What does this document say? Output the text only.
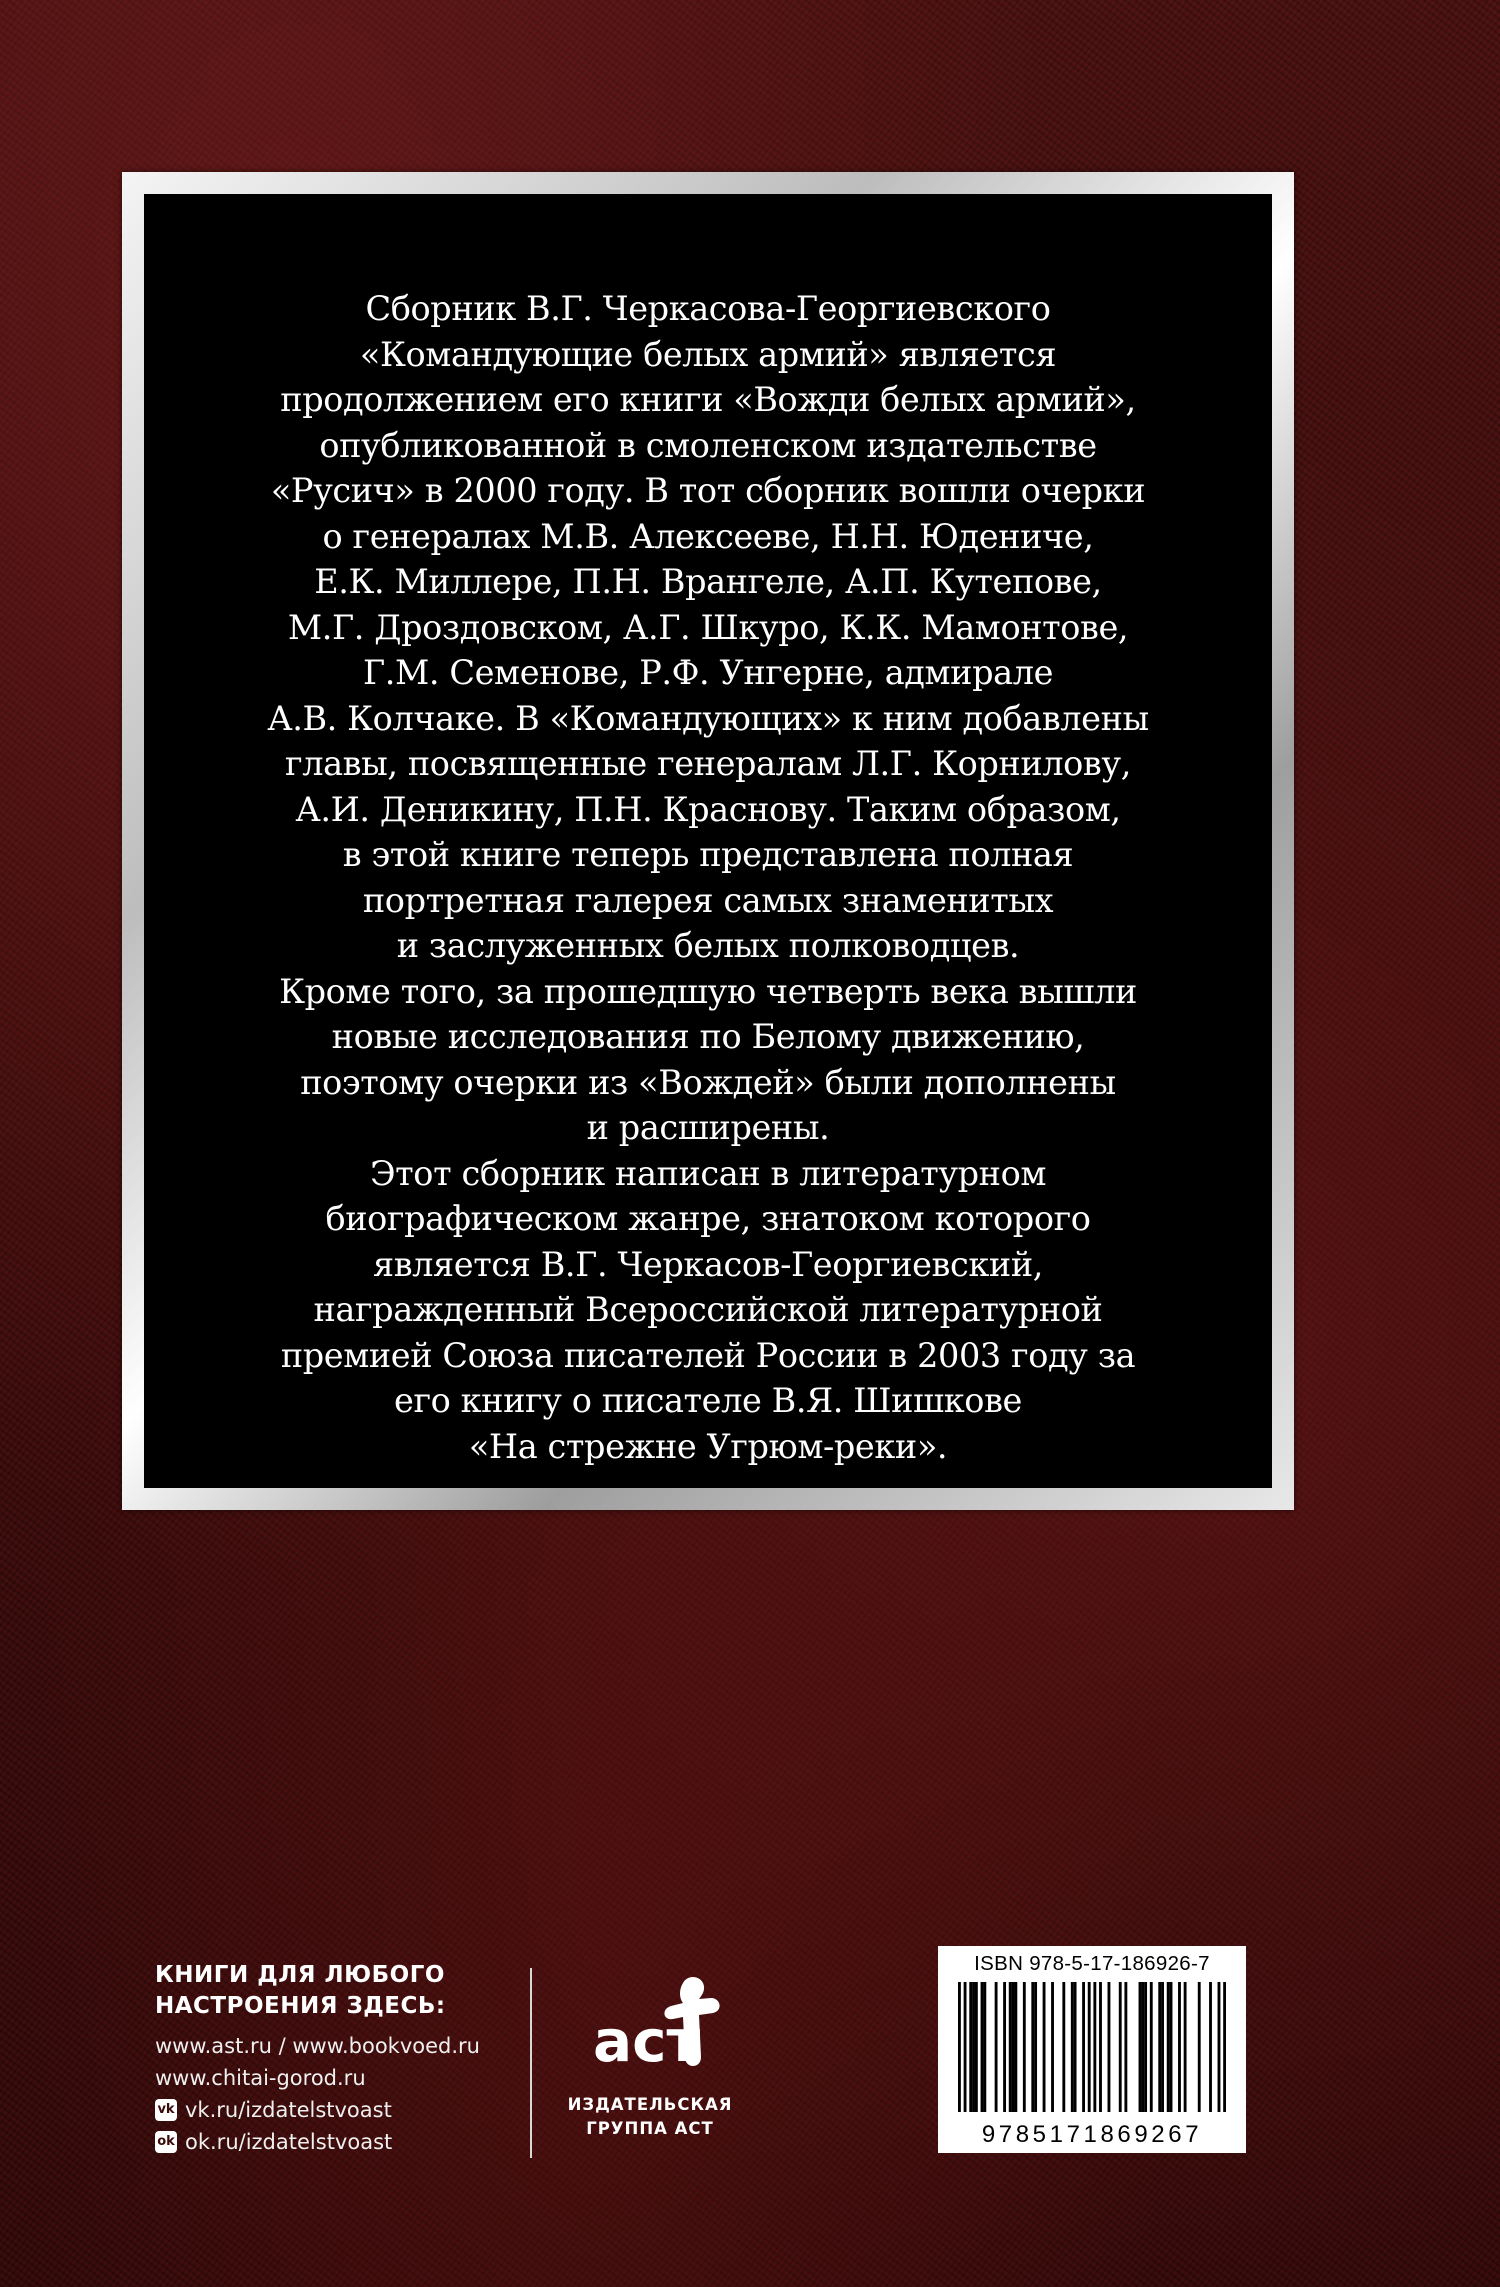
Сборник В.Г. Черкасова-Георгиевского
«Командующие белых армий» является
продолжением его книги «Вожди белых армий»,
опубликованной в смоленском издательстве
«Русич» в 2000 году. В тот сборник вошли очерки
о генералах М.В. Алексееве, Н.Н. Юдениче,
Е.К. Миллере, П.Н. Врангеле, А.П. Кутепове,
М.Г. Дроздовском, А.Г. Шкуро, К.К. Мамонтове,
Г.М. Семенове, Р.Ф. Унгерне, адмирале
А.В. Колчаке. В «Командующих» к ним добавлены
главы, посвященные генералам Л.Г. Корнилову,
А.И. Деникину, П.Н. Краснову. Таким образом,
в этой книге теперь представлена полная
портретная галерея самых знаменитых
и заслуженных белых полководцев.
Кроме того, за прошедшую четверть века вышли
новые исследования по Белому движению,
поэтому очерки из «Вождей» были дополнены
и расширены.
Этот сборник написан в литературном
биографическом жанре, знатоком которого
является В.Г. Черкасов-Георгиевский,
награжденный Всероссийской литературной
премией Союза писателей России в 2003 году за
его книгу о писателе В.Я. Шишкове
«На стрежне Угрюм-реки».
КНИГИ ДЛЯ ЛЮБОГО
НАСТРОЕНИЯ ЗДЕСЬ:
www.ast.ru / www.bookvoed.ru
www.chitai-gorod.ru
vk vk.ru/izdatelstvoast
ok ok.ru/izdatelstvoast
аст
ИЗДАТЕЛЬСКАЯ
ГРУППА АСТ
ISBN 978-5-17-186926-7
9785171869267
